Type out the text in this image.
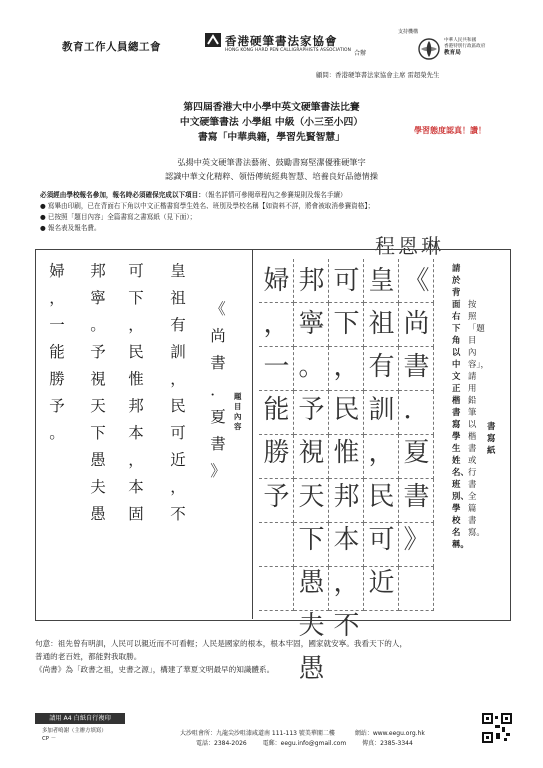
教育工作人員總工會	香港硬筆書法家協會
HONG KONG HARD PEN CALLIGRAPHISTS ASSOCIATION 合辦
支持機構
中華人民共和國
香港特別行政區政府
教育局
顧問：香港硬筆書法家協會主席 雷超榮先生
第四屆香港大中小學中英文硬筆書法比賽
中文硬筆書法 小學組 中級（小三至小四）
書寫「中華典籍，學習先賢智慧」
學習態度認真！讚！
弘揚中英文硬筆書法藝術、鼓勵書寫堅潔優雅硬筆字
認識中華文化精粹、領悟傳統經典智慧、培養良好品德情操
必須經由學校報名參加，報名時必須確保完成以下項目：（報名詳情可參閱章程內之參賽規則及報名手續）
● 寫畢由印刷，已在背面右下角以中文正楷書寫學生姓名、班別及學校名稱【如資料不詳，將會被取消參賽資格】；
● 已按照「題目內容」全篇書寫之書寫紙（見下面）；
● 報名表及報名費。
程恩琳
《
尚
書
．
夏
書
》
皇
祖
有
訓
，
民
可
近
，
不
可
下
，
民
惟
邦
本
，
本
固
邦
寧
。
予
視
天
下
愚
夫
愚
婦
，
一
能
勝
予
。
題目內容
《
尚
書
．
夏
書
》
皇
祖
有
訓
，
民
可
近
可
下
，
民
惟
邦
本
，
不
邦
寧
。
予
視
天
下
愚
夫
愚
婦
，
一
能
勝
予
書寫紙
按照「題目內容」，請用鉛筆以楷書或行書全篇書寫。
請於背面右下角以中文正楷書寫學生姓名、班別、學校名稱。
句意：祖先曾有明訓，人民可以親近而不可看輕；人民是國家的根本，根本牢固，國家就安寧。我看天下的人，
普通的老百姓，都能對我取勝。
《尚書》為「政書之祖，史書之源」，構建了華夏文明最早的知識體系。
請用 A4 白紙自行複印
多加者鳴謝（主辦方填寫）
CP －
大沙咀會所：九龍尖沙咀漆咸道南 111-113 號美華閣二樓	網站：www.eegu.org.hk
電話：2384-2026	電郵：eegu.info@gmail.com	傳真：2385-3344
